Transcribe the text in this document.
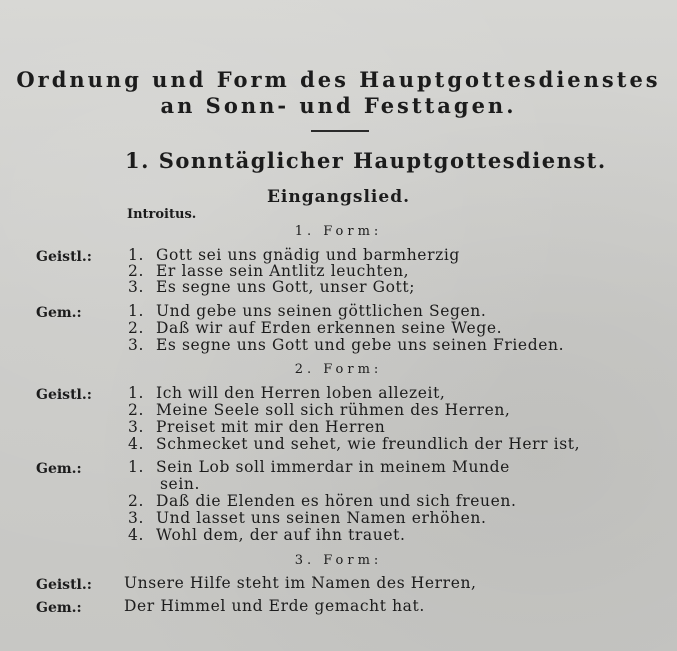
Ordnung und Form des Hauptgottesdienstes
an Sonn- und Festtagen.
1. Sonntäglicher Hauptgottesdienst.
Eingangslied.
Introitus.
1. Form:
Geistl.: 1. Gott sei uns gnädig und barmherzig
2. Er lasse sein Antlitz leuchten,
3. Es segne uns Gott, unser Gott;
Gem.:	1. Und gebe uns seinen göttlichen Segen.
2. Daß wir auf Erden erkennen seine Wege.
3. Es segne uns Gott und gebe uns seinen Frieden.
2. Form:
Geistl.: 1. Ich will den Herren loben allezeit,
2. Meine Seele soll sich rühmen des Herren,
3. Preiset mit mir den Herren
4. Schmecket und sehet, wie freundlich der Herr ist,
Gem.:	1. Sein Lob soll immerdar in meinem Munde
sein.
2. Daß die Elenden es hören und sich freuen.
3. Und lasset uns seinen Namen erhöhen.
4. Wohl dem, der auf ihn trauet.
3. Form:
Geistl.: Unsere Hilfe steht im Namen des Herren,
Gem.:	Der Himmel und Erde gemacht hat.
